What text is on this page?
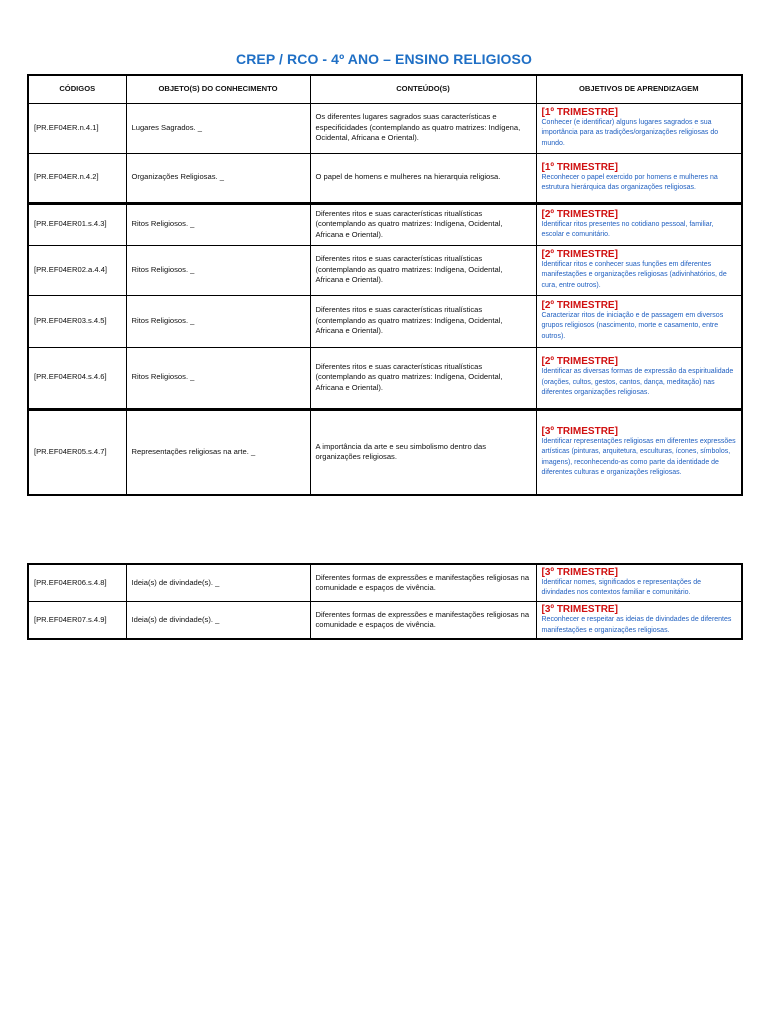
CREP / RCO - 4º ANO – ENSINO RELIGIOSO
CÓDIGOS	OBJETO(S) DO CONHECIMENTO	CONTEÚDO(S)	OBJETIVOS DE APRENDIZAGEM
[PR.EF04ER.n.4.1]	Lugares Sagrados. _	Os diferentes lugares sagrados suas características e especificidades (contemplando as quatro matrizes: Indígena, Ocidental, Africana e Oriental).	[1º TRIMESTRE]
Conhecer (e identificar) alguns lugares sagrados e sua importância para as tradições/organizações religiosas do mundo.

[PR.EF04ER.n.4.2]	Organizações Religiosas. _	O papel de homens e mulheres na hierarquia religiosa.	[1º TRIMESTRE]
Reconhecer o papel exercido por homens e mulheres na estrutura hierárquica das organizações religiosas.

[PR.EF04ER01.s.4.3]	Ritos Religiosos. _	Diferentes ritos e suas características ritualísticas (contemplando as quatro matrizes: Indígena, Ocidental, Africana e Oriental).	[2º TRIMESTRE]
Identificar ritos presentes no cotidiano pessoal, familiar, escolar e comunitário.

[PR.EF04ER02.a.4.4]	Ritos Religiosos. _	Diferentes ritos e suas características ritualísticas (contemplando as quatro matrizes: Indígena, Ocidental, Africana e Oriental).	[2º TRIMESTRE]
Identificar ritos e conhecer suas funções em diferentes manifestações e organizações religiosas (adivinhatórios, de cura, entre outros).

[PR.EF04ER03.s.4.5]	Ritos Religiosos. _	Diferentes ritos e suas características ritualísticas (contemplando as quatro matrizes: Indígena, Ocidental, Africana e Oriental).	[2º TRIMESTRE]
Caracterizar ritos de iniciação e de passagem em diversos grupos religiosos (nascimento, morte e casamento, entre outros).

[PR.EF04ER04.s.4.6]	Ritos Religiosos. _	Diferentes ritos e suas características ritualísticas (contemplando as quatro matrizes: Indígena, Ocidental, Africana e Oriental).	[2º TRIMESTRE]
Identificar as diversas formas de expressão da espiritualidade (orações, cultos, gestos, cantos, dança, meditação) nas diferentes organizações religiosas.

[PR.EF04ER05.s.4.7]	Representações religiosas na arte. _	A importância da arte e seu simbolismo dentro das organizações religiosas.	[3º TRIMESTRE]
Identificar representações religiosas em diferentes expressões artísticas (pinturas, arquitetura, esculturas, ícones, símbolos, imagens), reconhecendo-as como parte da identidade de diferentes culturas e organizações religiosas.
[PR.EF04ER06.s.4.8]	Ideia(s) de divindade(s). _	Diferentes formas de expressões e manifestações religiosas na comunidade e espaços de vivência.	[3º TRIMESTRE]
Identificar nomes, significados e representações de divindades nos contextos familiar e comunitário.

[PR.EF04ER07.s.4.9]	Ideia(s) de divindade(s). _	Diferentes formas de expressões e manifestações religiosas na comunidade e espaços de vivência.	[3º TRIMESTRE]
Reconhecer e respeitar as ideias de divindades de diferentes manifestações e organizações religiosas.
